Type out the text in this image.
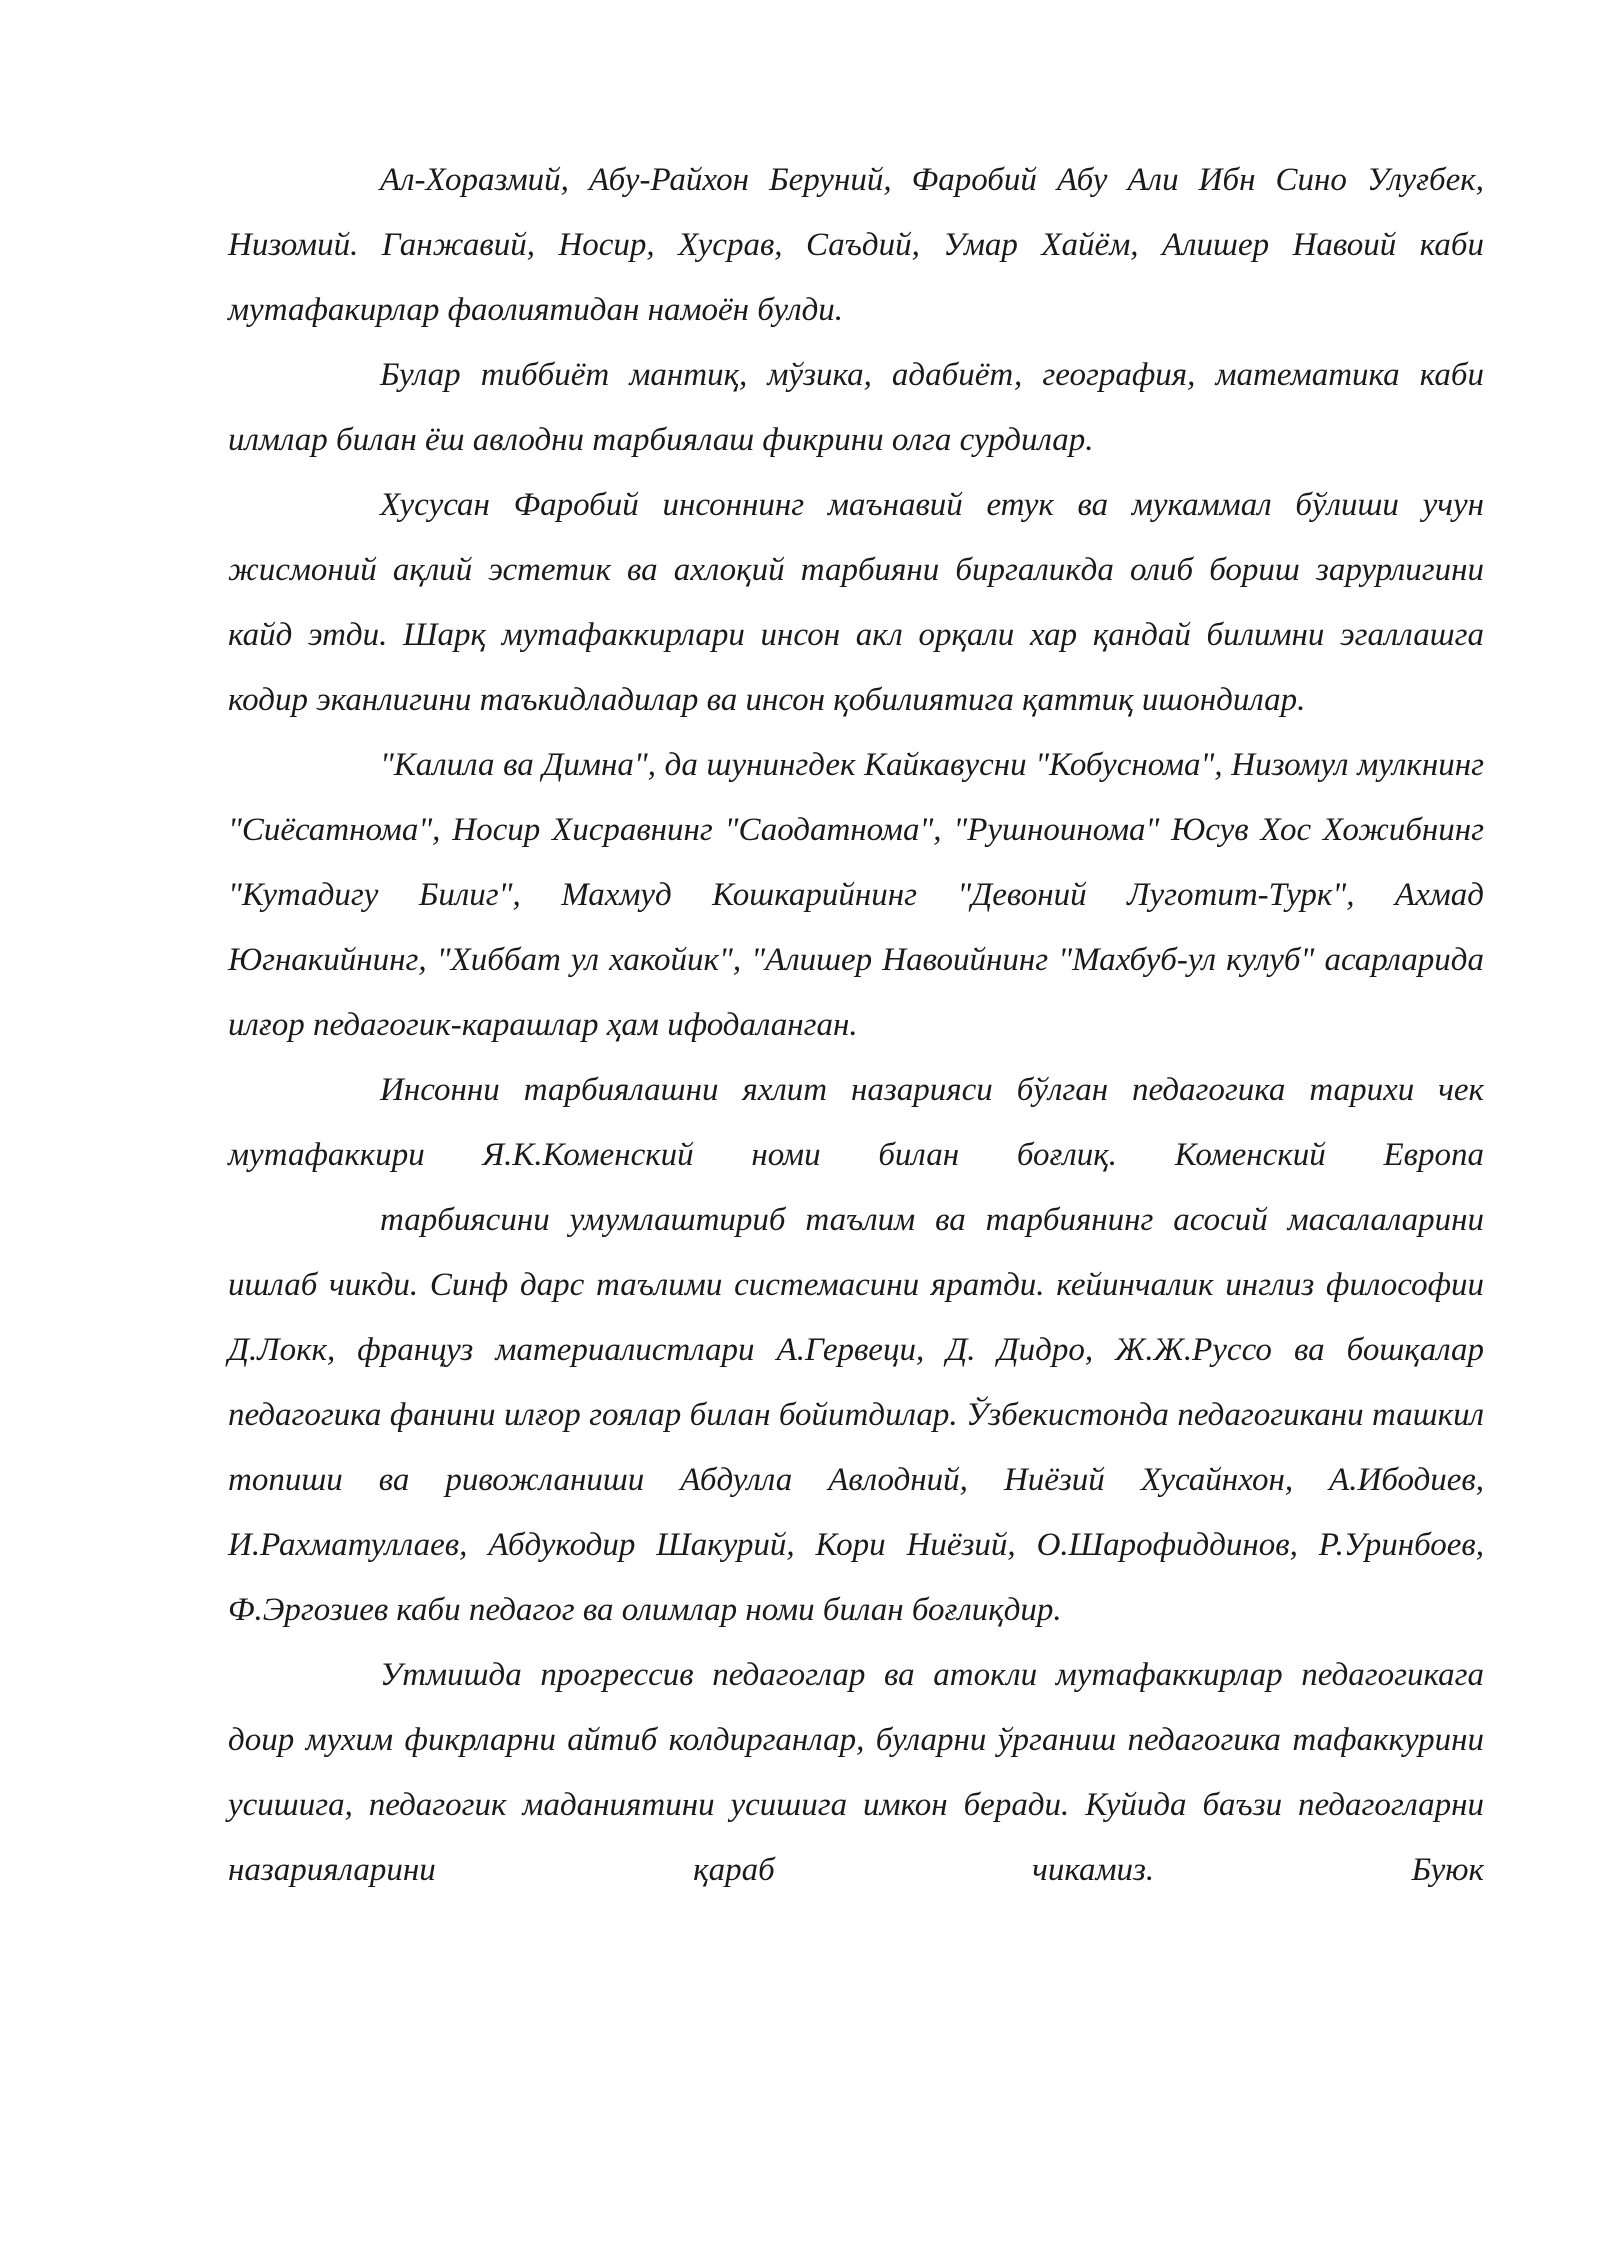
Ал-Хоразмий, Абу-Райхон Беруний, Фаробий Абу Али Ибн Сино Улуғбек, Низомий. Ганжавий, Носир, Хусрав, Саъдий, Умар Хайём, Алишер Навоий каби мутафакирлар фаолиятидан намоён булди.

Булар тиббиёт мантиқ, мўзика, адабиёт, география, математика каби илмлар билан ёш авлодни тарбиялаш фикрини олга сурдилар.

Хусусан Фаробий инсоннинг маънавий етук ва мукаммал бўлиши учун жисмоний ақлий эстетик ва ахлоқий тарбияни биргаликда олиб бориш зарурлигини кайд этди. Шарқ мутафаккирлари инсон акл орқали хар қандай билимни эгаллашга кодир эканлигини таъкидладилар ва инсон қобилиятига қаттиқ ишондилар.

"Калила ва Димна", да шунингдек Кайкавусни "Кобуснома", Низомул мулкнинг "Сиёсатнома", Носир Хисравнинг "Саодатнома", "Рушноинома" Юсув Хос Хожибнинг "Кутадигу Билиг", Махмуд Кошкарийнинг "Девоний Луготит-Турк", Ахмад Югнакийнинг, "Хиббат ул хакойик", "Алишер Навоийнинг "Махбуб-ул кулуб" асарларида илғор педагогик-карашлар ҳам ифодаланган.

Инсонни тарбиялашни яхлит назарияси бўлган педагогика тарихи чек мутафаккири Я.К.Коменский номи билан боғлиқ. Коменский Европа

тарбиясини умумлаштириб таълим ва тарбиянинг асосий масалаларини ишлаб чикди. Синф дарс таълими системасини яратди. кейинчалик инглиз философии Д.Локк, француз материалистлари А.Гервеци, Д. Дидро, Ж.Ж.Руссо ва бошқалар педагогика фанини илғор гоялар билан бойитдилар. Ўзбекистонда педагогикани ташкил топиши ва ривожланиши Абдулла Авлодний, Ниёзий Хусайнхон, А.Ибодиев, И.Рахматуллаев, Абдукодир Шакурий, Кори Ниёзий, О.Шарофиддинов, Р.Уринбоев, Ф.Эргозиев каби педагог ва олимлар номи билан боғлиқдир.

Утмишда прогрессив педагоглар ва атокли мутафаккирлар педагогикага доир мухим фикрларни айтиб колдирганлар, буларни ўрганиш педагогика тафаккурини усишига, педагогик маданиятини усишига имкон беради. Куйида баъзи педагогларни назарияларини қараб чикамиз. Буюк
